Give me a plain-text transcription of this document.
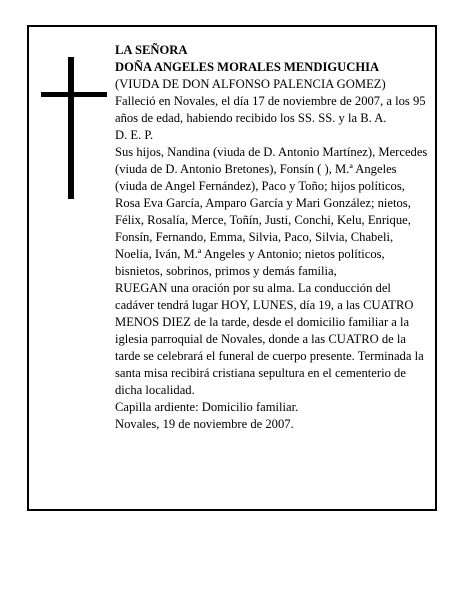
LA SEÑORA

DOÑA ANGELES MORALES MENDIGUCHIA

(VIUDA DE DON ALFONSO PALENCIA GOMEZ)

Falleció en Novales, el día 17 de noviembre de 2007, a los 95 años de edad, habiendo recibido los SS. SS. y la B. A.

D. E. P.

Sus hijos, Nandina (viuda de D. Antonio Martínez), Mercedes (viuda de D. Antonio Bretones), Fonsín ( ), M.ª Angeles (viuda de Angel Fernández), Paco y Toño; hijos políticos, Rosa Eva García, Amparo García y Mari González; nietos, Félix, Rosalía, Merce, Toñín, Justi, Conchi, Kelu, Enrique, Fonsín, Fernando, Emma, Silvia, Paco, Silvia, Chabeli, Noelia, Iván, M.ª Angeles y Antonio; nietos políticos, bisnietos, sobrinos, primos y demás familia,

RUEGAN una oración por su alma. La conducción del cadáver tendrá lugar HOY, LUNES, día 19, a las CUATRO MENOS DIEZ de la tarde, desde el domicilio familiar a la iglesia parroquial de Novales, donde a las CUATRO de la tarde se celebrará el funeral de cuerpo presente. Terminada la santa misa recibirá cristiana sepultura en el cementerio de dicha localidad.

Capilla ardiente: Domicilio familiar.

Novales, 19 de noviembre de 2007.
